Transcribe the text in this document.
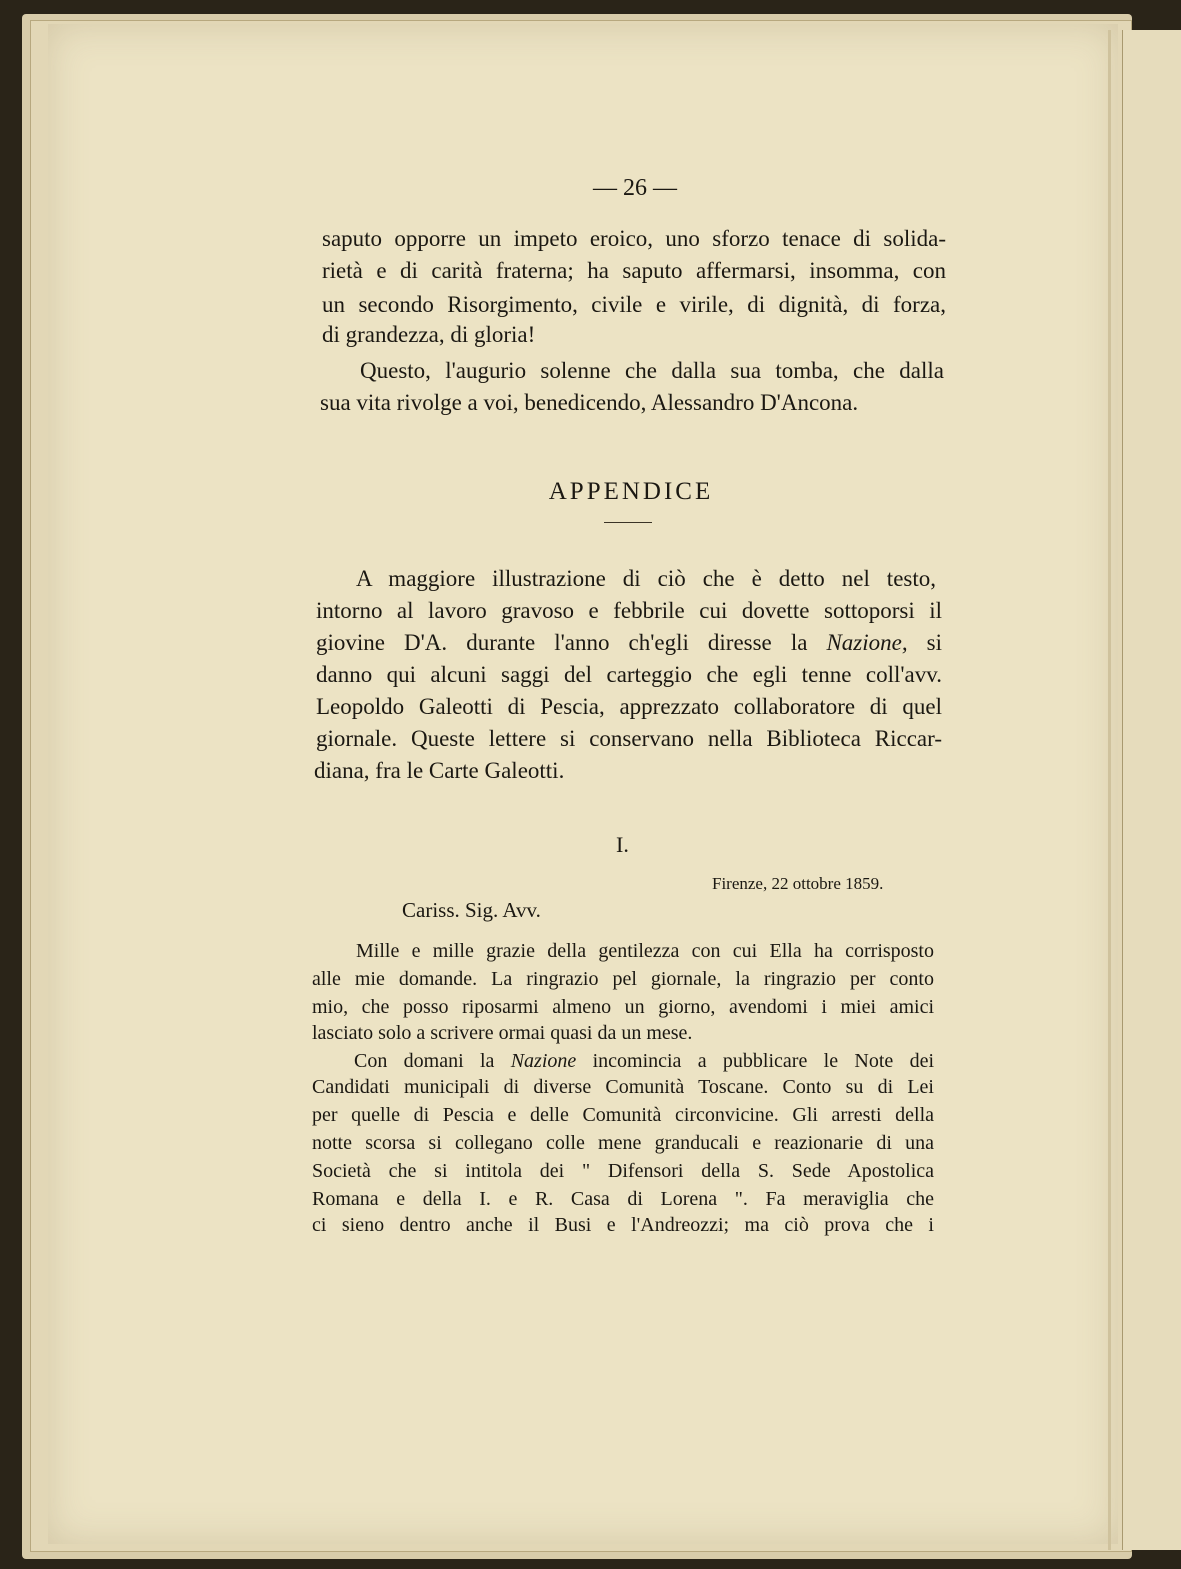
— 26 —
saputo opporre un impeto eroico, uno sforzo tenace di solida-
rietà e di carità fraterna; ha saputo affermarsi, insomma, con
un secondo Risorgimento, civile e virile, di dignità, di forza,
di grandezza, di gloria!
Questo, l'augurio solenne che dalla sua tomba, che dalla
sua vita rivolge a voi, benedicendo, Alessandro D'Ancona.
APPENDICE
A maggiore illustrazione di ciò che è detto nel testo,
intorno al lavoro gravoso e febbrile cui dovette sottoporsi il
giovine D'A. durante l'anno ch'egli diresse la Nazione, si
danno qui alcuni saggi del carteggio che egli tenne coll'avv.
Leopoldo Galeotti di Pescia, apprezzato collaboratore di quel
giornale. Queste lettere si conservano nella Biblioteca Riccar-
diana, fra le Carte Galeotti.
I.
Firenze, 22 ottobre 1859.
Cariss. Sig. Avv.
Mille e mille grazie della gentilezza con cui Ella ha corrisposto
alle mie domande. La ringrazio pel giornale, la ringrazio per conto
mio, che posso riposarmi almeno un giorno, avendomi i miei amici
lasciato solo a scrivere ormai quasi da un mese.
Con domani la Nazione incomincia a pubblicare le Note dei
Candidati municipali di diverse Comunità Toscane. Conto su di Lei
per quelle di Pescia e delle Comunità circonvicine. Gli arresti della
notte scorsa si collegano colle mene granducali e reazionarie di una
Società che si intitola dei " Difensori della S. Sede Apostolica
Romana e della I. e R. Casa di Lorena ". Fa meraviglia che
ci sieno dentro anche il Busi e l'Andreozzi; ma ciò prova che i
